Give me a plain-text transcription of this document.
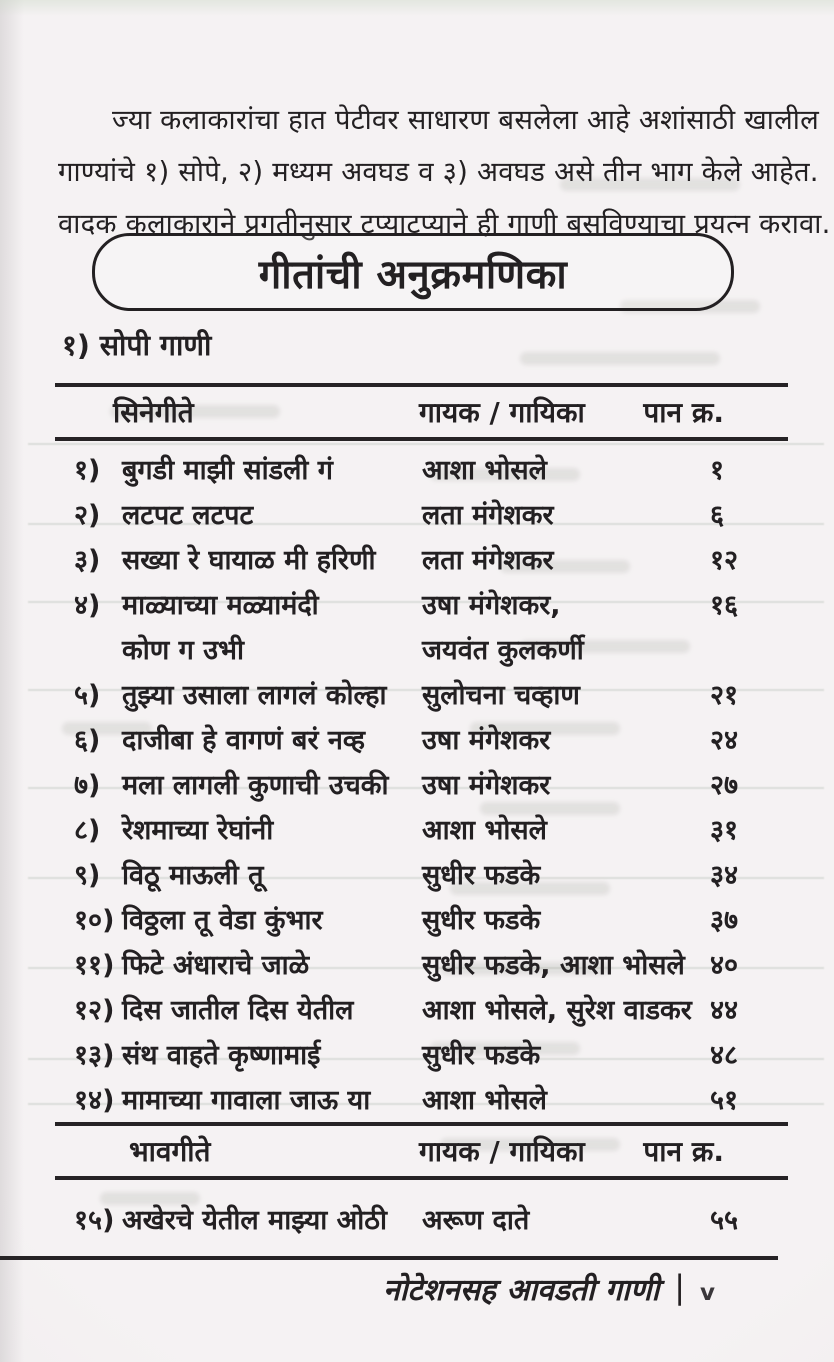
ज्या कलाकारांचा हात पेटीवर साधारण बसलेला आहे अशांसाठी खालील
गाण्यांचे १) सोपे, २) मध्यम अवघड व ३) अवघड असे तीन भाग केले आहेत.
वादक कलाकाराने प्रगतीनुसार टप्याटप्याने ही गाणी बसविण्याचा प्रयत्न करावा.
गीतांची अनुक्रमणिका
१) सोपी गाणी
सिनेगीते	गायक / गायिका पान क्र.
१) बुगडी माझी सांडली गं	आशा भोसले	१
२) लटपट लटपट	लता मंगेशकर	६
३) सख्या रे घायाळ मी हरिणी	लता मंगेशकर	१२
४) माळ्याच्या मळ्यामंदी	उषा मंगेशकर,	१६
कोण ग उभी	जयवंत कुलकर्णी
५) तुझ्या उसाला लागलं कोल्हा	सुलोचना चव्हाण	२१
६) दाजीबा हे वागणं बरं नव्ह	उषा मंगेशकर	२४
७) मला लागली कुणाची उचकी	उषा मंगेशकर	२७
८) रेशमाच्या रेघांनी	आशा भोसले	३१
९) विठू माऊली तू	सुधीर फडके	३४
१०) विठ्ठला तू वेडा कुंभार	सुधीर फडके	३७
११) फिटे अंधाराचे जाळे	सुधीर फडके, आशा भोसले ४०
१२) दिस जातील दिस येतील	आशा भोसले, सुरेश वाडकर ४४
१३) संथ वाहते कृष्णामाई	सुधीर फडके	४८
१४) मामाच्या गावाला जाऊ या	आशा भोसले	५१
भावगीते	गायक / गायिका पान क्र.
१५) अखेरचे येतील माझ्या ओठी	अरूण दाते	५५
नोटेशनसह आवडती गाणी | v
